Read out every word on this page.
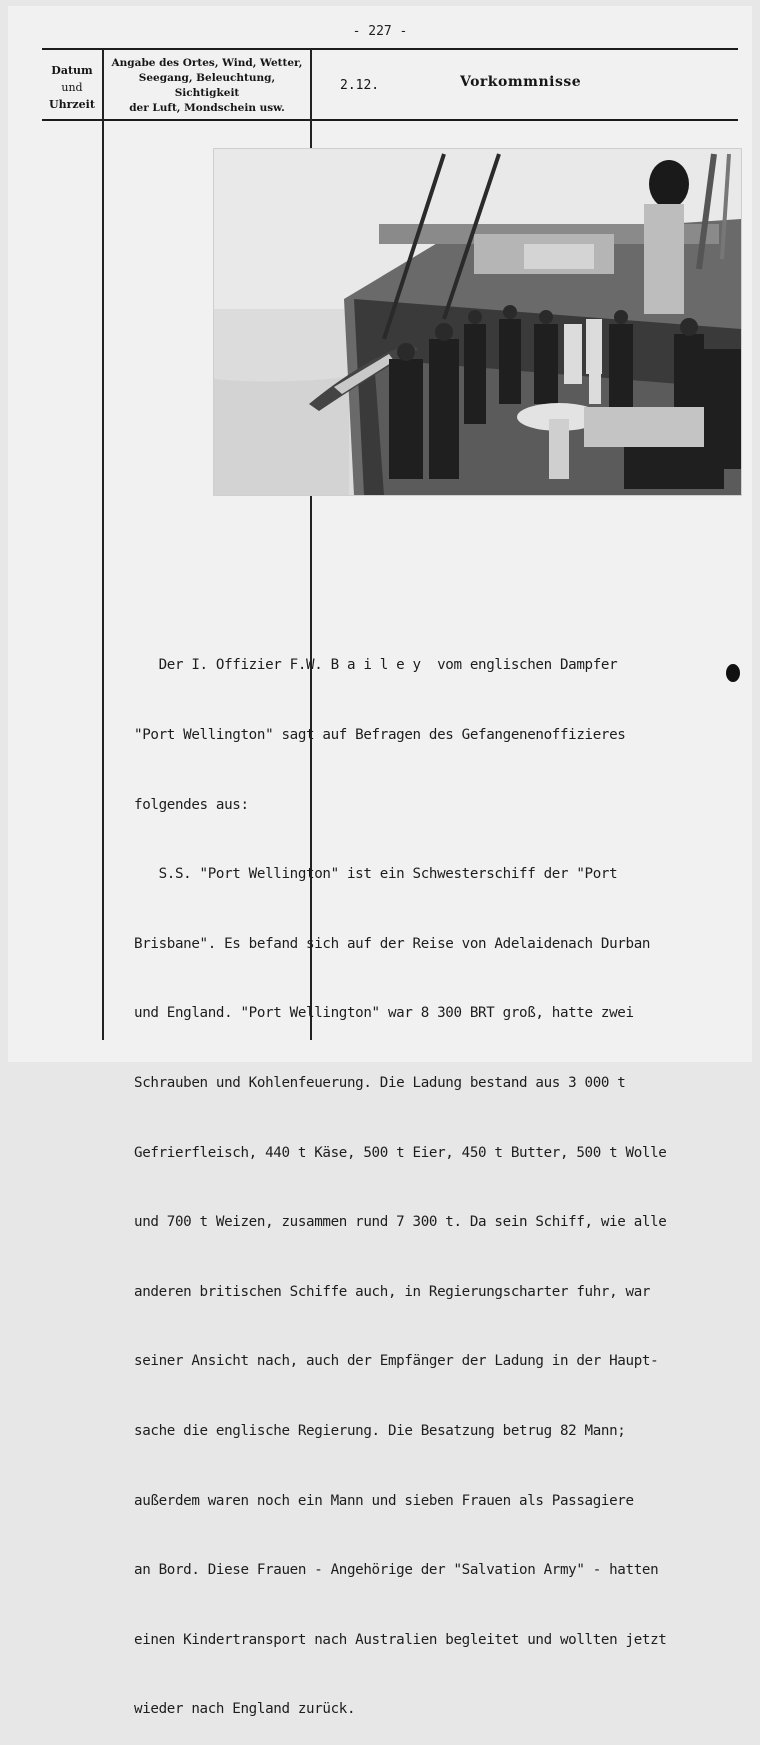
- 227 -
Datum
und
Uhrzeit
Angabe des Ortes, Wind, Wetter,
Seegang, Beleuchtung, Sichtigkeit
der Luft, Mondschein usw.
2.12.	Vorkommnisse

Der I. Offizier F.W. B a i l e y  vom englischen Dampfer

"Port Wellington" sagt auf Befragen des Gefangenenoffizieres

folgendes aus:

S.S. "Port Wellington" ist ein Schwesterschiff der "Port

Brisbane". Es befand sich auf der Reise von Adelaidenach Durban

und England. "Port Wellington" war 8 300 BRT groß, hatte zwei

Schrauben und Kohlenfeuerung. Die Ladung bestand aus 3 000 t

Gefrierfleisch, 440 t Käse, 500 t Eier, 450 t Butter, 500 t Wolle

und 700 t Weizen, zusammen rund 7 300 t. Da sein Schiff, wie alle

anderen britischen Schiffe auch, in Regierungscharter fuhr, war

seiner Ansicht nach, auch der Empfänger der Ladung in der Haupt-

sache die englische Regierung. Die Besatzung betrug 82 Mann;

außerdem waren noch ein Mann und sieben Frauen als Passagiere

an Bord. Diese Frauen - Angehörige der "Salvation Army" - hatten

einen Kindertransport nach Australien begleitet und wollten jetzt

wieder nach England zurück.
